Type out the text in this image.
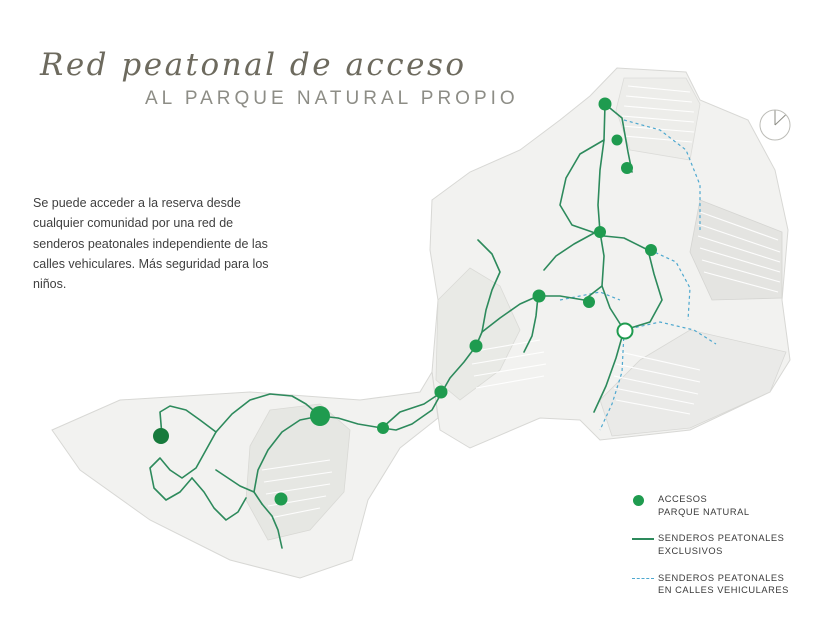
Red peatonal de acceso
AL PARQUE NATURAL PROPIO
Se puede acceder a la reserva desde cualquier comunidad por una red de senderos peatonales independiente de las calles vehiculares. Más seguridad para los niños.
ACCESOS
PARQUE NATURAL
SENDEROS PEATONALES
EXCLUSIVOS
SENDEROS PEATONALES
EN CALLES VEHICULARES
